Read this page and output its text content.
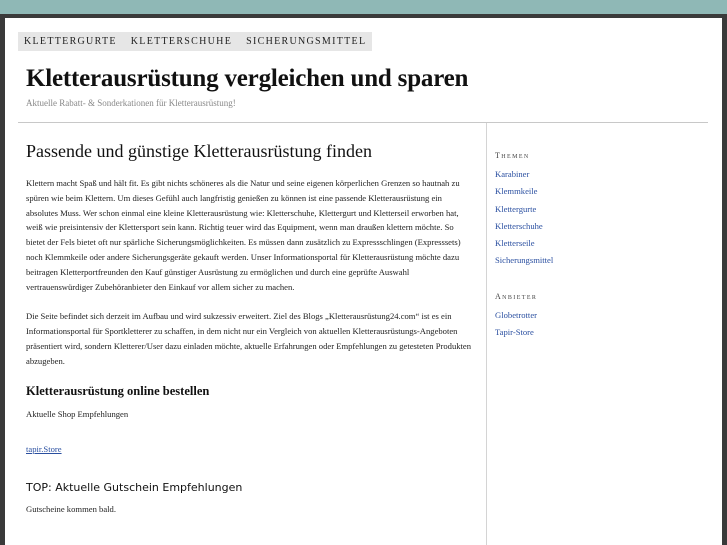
KLETTERGURTE KLETTERSCHUHE SICHERUNGSMITTEL
Kletterausrüstung vergleichen und sparen
Aktuelle Rabatt- & Sonderkationen für Kletterausrüstung!
Passende und günstige Kletterausrüstung finden

Klettern macht Spaß und hält fit. Es gibt nichts schöneres als die Natur und seine eigenen körperlichen Grenzen so hautnah zu spüren wie beim Klettern. Um dieses Gefühl auch langfristig genießen zu können ist eine passende Kletterausrüstung ein absolutes Muss. Wer schon einmal eine kleine Kletterausrüstung wie: Kletterschuhe, Klettergurt und Kletterseil erworben hat, weiß wie preisintensiv der Klettersport sein kann. Richtig teuer wird das Equipment, wenn man draußen klettern möchte. So bietet der Fels bietet oft nur spärliche Sicherungsmöglichkeiten. Es müssen dann zusätzlich zu Expressschlingen (Expresssets) noch Klemmkeile oder andere Sicherungsgeräte gekauft werden. Unser Informationsportal für Kletterausrüstung möchte dazu beitragen Kletterportfreunden den Kauf günstiger Ausrüstung zu ermöglichen und durch eine geprüfte Auswahl vertrauenswürdiger Zubehöranbieter den Einkauf vor allem sicher zu machen.

Die Seite befindet sich derzeit im Aufbau und wird sukzessiv erweitert. Ziel des Blogs „Kletterausrüstung24.com“ ist es ein Informationsportal für Sportkletterer zu schaffen, in dem nicht nur ein Vergleich von aktuellen Kletterausrüstungs-Angeboten präsentiert wird, sondern Kletterer/User dazu einladen möchte, aktuelle Erfahrungen oder Empfehlungen zu getesteten Produkten abzugeben.

Kletterausrüstung online bestellen
Aktuelle Shop Empfehlungen
tapir.Store
TOP: Aktuelle Gutschein Empfehlungen
Gutscheine kommen bald.
Themen
Karabiner
Klemmkeile
Klettergurte
Kletterschuhe
Kletterseile
Sicherungsmittel
Anbieter
Globetrotter
Tapir-Store
